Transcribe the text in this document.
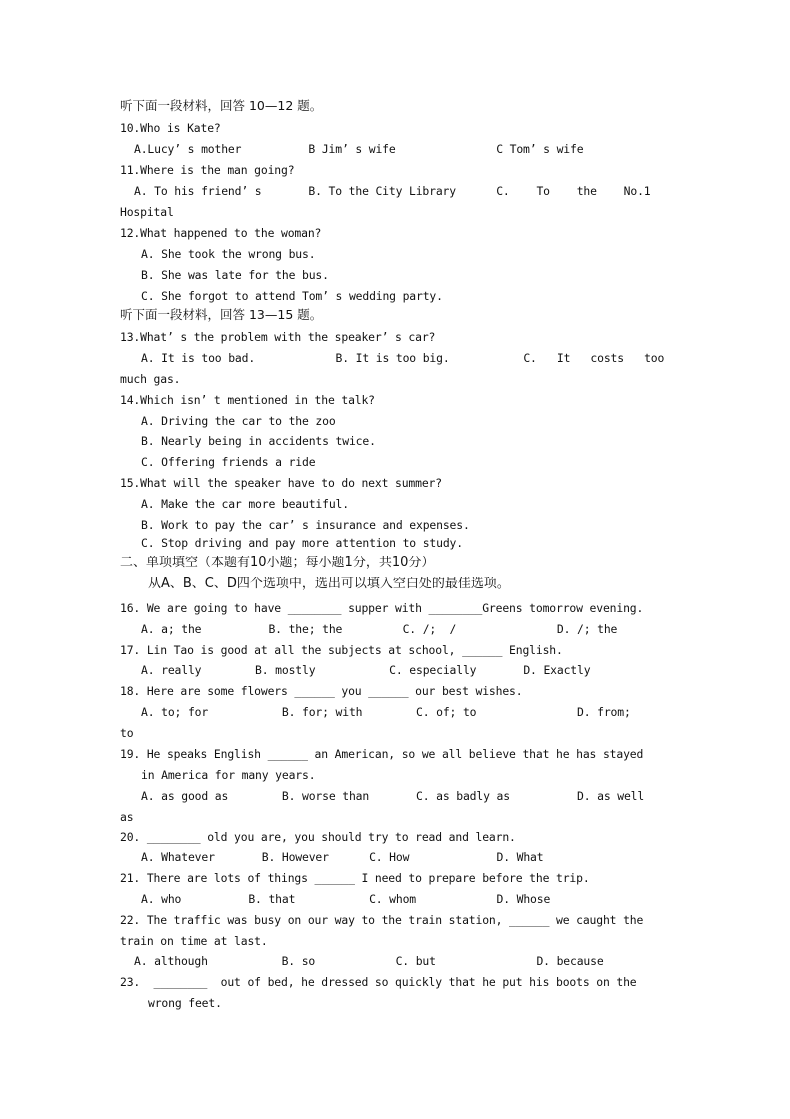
听下面一段材料，回答 10—12 题。
10.Who is Kate?
A.Lucy’ s mother          B Jim’ s wife               C Tom’ s wife
11.Where is the man going?
A. To his friend’ s       B. To the City Library      C.    To    the    No.1
Hospital
12.What happened to the woman?
A. She took the wrong bus.
B. She was late for the bus.
C. She forgot to attend Tom’ s wedding party.
听下面一段材料，回答 13—15 题。
13.What’ s the problem with the speaker’ s car?
A. It is too bad.            B. It is too big.           C.   It   costs   too
much gas.
14.Which isn’ t mentioned in the talk?
A. Driving the car to the zoo
B. Nearly being in accidents twice.
C. Offering friends a ride
15.What will the speaker have to do next summer?
A. Make the car more beautiful.
B. Work to pay the car’ s insurance and expenses.
C. Stop driving and pay more attention to study.
二、单项填空（本题有10小题；每小题1分，共10分）
从A、B、C、D四个选项中，选出可以填入空白处的最佳选项。
16. We are going to have ________ supper with ________Greens tomorrow evening.
A. a; the          B. the; the         C. /;  /               D. /; the
17. Lin Tao is good at all the subjects at school, ______ English.
A. really        B. mostly           C. especially       D. Exactly
18. Here are some flowers ______ you ______ our best wishes.
A. to; for           B. for; with        C. of; to               D. from;
to
19. He speaks English ______ an American, so we all believe that he has stayed
in America for many years.
A. as good as        B. worse than       C. as badly as          D. as well
as
20. ________ old you are, you should try to read and learn.
A. Whatever       B. However      C. How             D. What
21. There are lots of things ______ I need to prepare before the trip.
A. who          B. that           C. whom            D. Whose
22. The traffic was busy on our way to the train station, ______ we caught the
train on time at last.
A. although           B. so            C. but               D. because
23.  ________  out of bed, he dressed so quickly that he put his boots on the
wrong feet.
